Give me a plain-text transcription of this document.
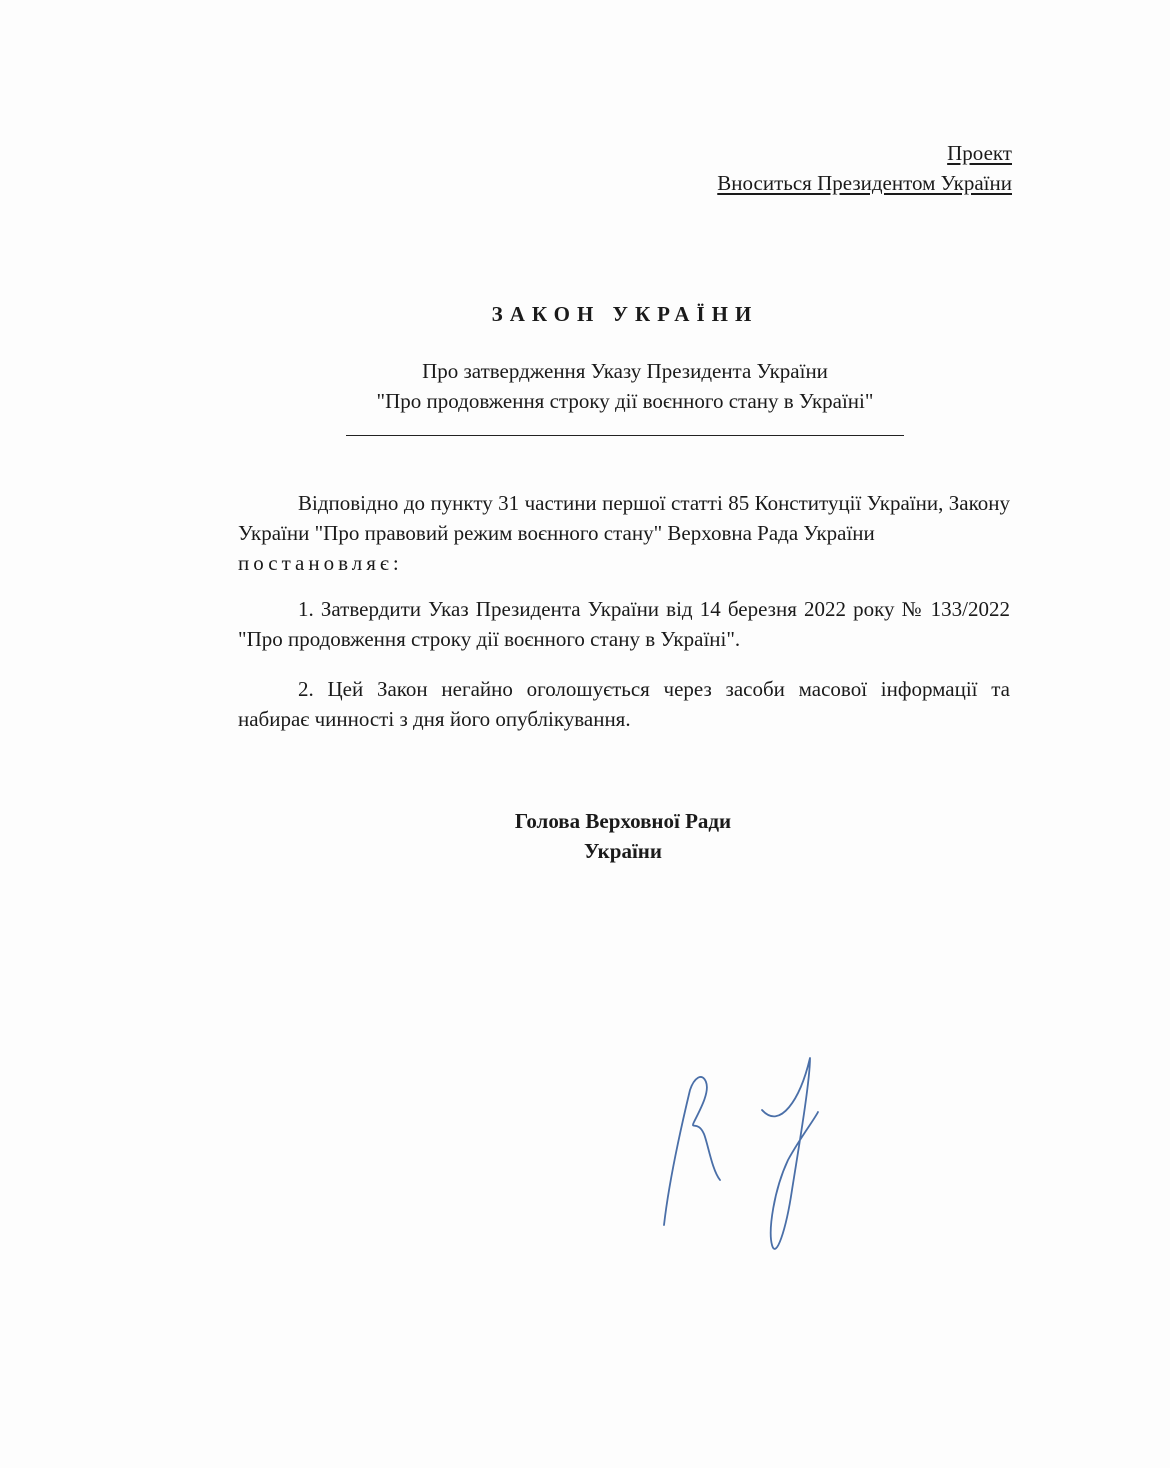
Проект
Вноситься Президентом України
ЗАКОН УКРАЇНИ
Про затвердження Указу Президента України
"Про продовження строку дії воєнного стану в Україні"
Відповідно до пункту 31 частини першої статті 85 Конституції України, Закону України "Про правовий режим воєнного стану" Верховна Рада України
постановляє:
1. Затвердити Указ Президента України від 14 березня 2022 року № 133/2022 "Про продовження строку дії воєнного стану в Україні".
2. Цей Закон негайно оголошується через засоби масової інформації та набирає чинності з дня його опублікування.
Голова Верховної Ради
України
